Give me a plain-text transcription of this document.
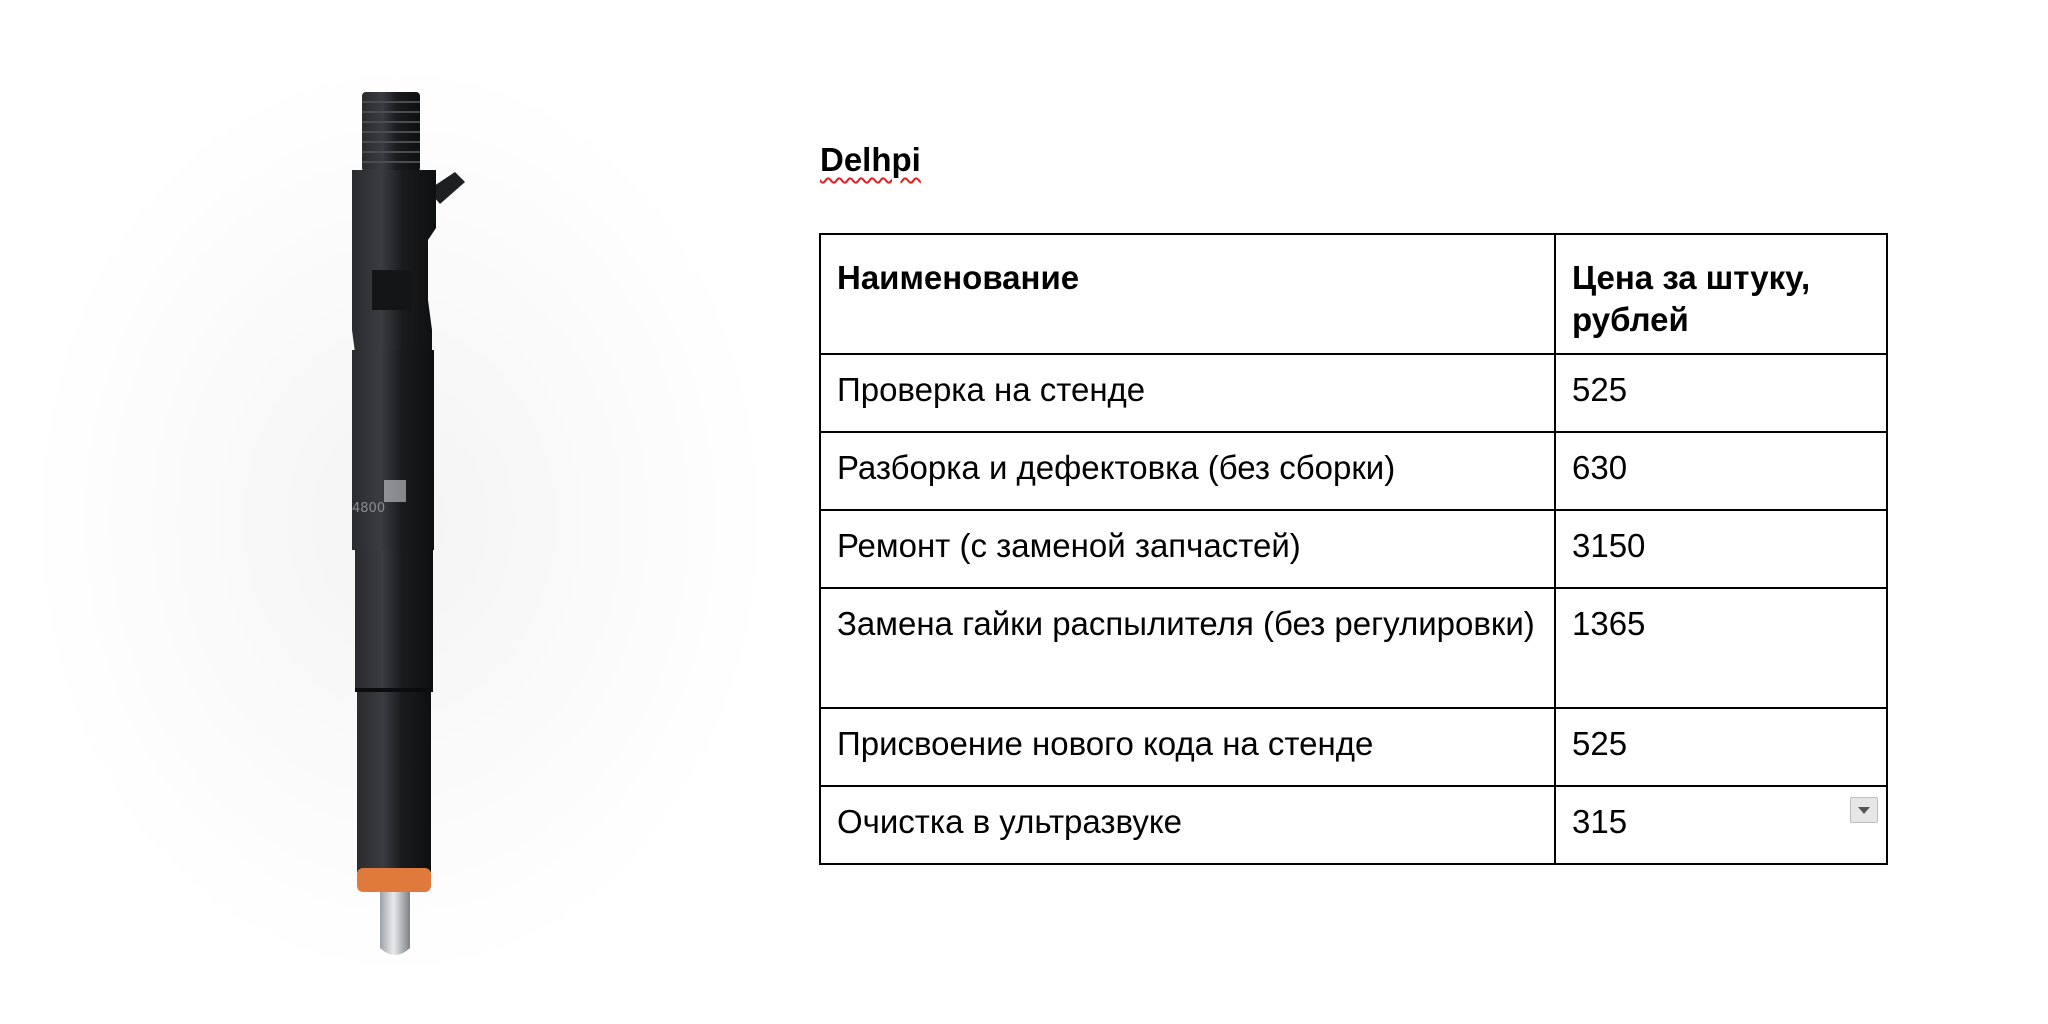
4800
Delhpi
Наименование	Цена за штуку, рублей
Проверка на стенде	525
Разборка и дефектовка (без сборки)	630
Ремонт (с заменой запчастей)	3150
Замена гайки распылителя (без регулировки)	1365
Присвоение нового кода на стенде	525
Очистка в ультразвуке	315
